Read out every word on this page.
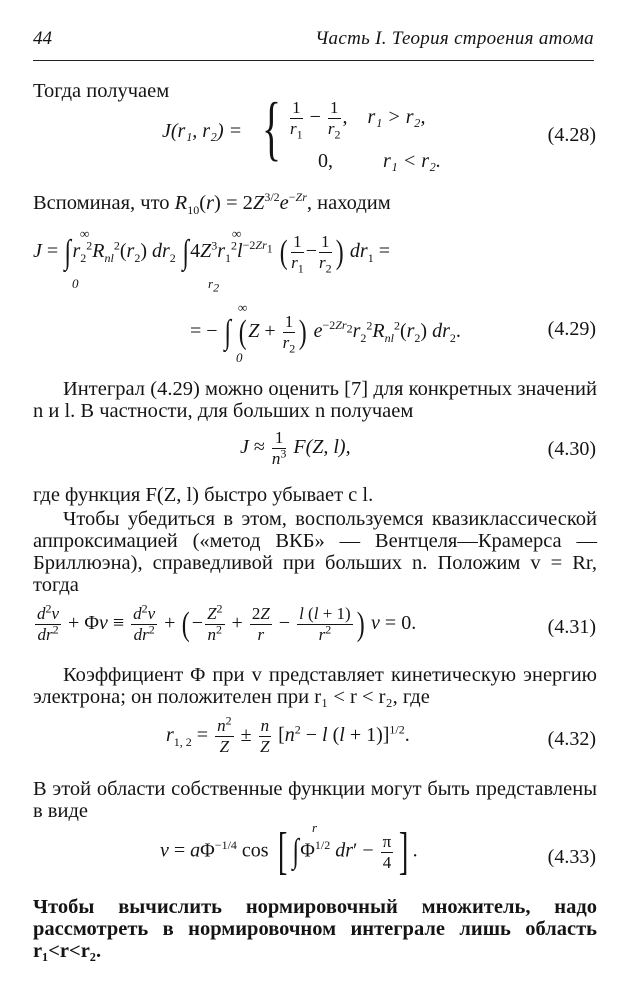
44	Часть I. Теория строения атома
Тогда получаем
J(r₁, r₂) = { $\frac{1}{r_1} - \frac{1}{r_2}$ ,    r₁ > r₂,
0,	r₁ < r₂.
(4.28)
Вспоминая, что $R_{10}(r) = 2Z^{3/2}e^{-Zr}$, находим
$J = \int r_2^2R_{nl}^2(r_2)$ $dr_2$ $\int 4Z^3r_1^2l^{-2Zr_1}$ ( $\frac{1}{r_1} - \frac{1}{r_2}$ ) $dr_1$ =
∞
0
∞
$r_2$
= − ∫ ($Z + \frac{1}{r_2}$ ) $e^{-2Zr_2}r_2^2R_{nl}^2(r_2)$ $dr_2$.
∞
0
(4.29)
Интеграл (4.29) можно оценить [7] для конкретных значений n и l. В частности, для больших n получаем
$J \approx \frac{1}{n^3} F(Z$, l),	(4.30)
где функция F(Z, l) быстро убывает с l.
Чтобы убедиться в этом, воспользуемся квазиклассической аппроксимацией («метод ВКБ» — Вентцеля—Крамерса — Бриллюэна), справедливой при больших n. Положим v = Rr, тогда
$\frac{d^2v}{dr^2} + \Phi v \equiv \frac{d^2v}{dr^2}$ + (− $\frac{Z^2}{n^2} + \frac{2Z}{r} - \frac{l (l + 1)}{r^2}$ ) v = 0.	(4.31)
Коэффициент Φ при v представляет кинетическую энергию электрона; он положителен при r₁ < r < r₂, где
$r_{1, 2} = \frac{n^2}{Z} \pm \frac{n}{Z} [n^2 - l$ (l + 1)]$^{1/2}$.	(4.32)
В этой области собственные функции могут быть представлены в виде
$v = a\Phi^{-1/4}$ cos [ $\int\Phi^{1/2}$ $dr' - \frac{\pi}{4}$ ] .
r
(4.33)
Чтобы вычислить нормировочный множитель, надо рассмотреть в нормировочном интеграле лишь область r₁<r<r₂.
